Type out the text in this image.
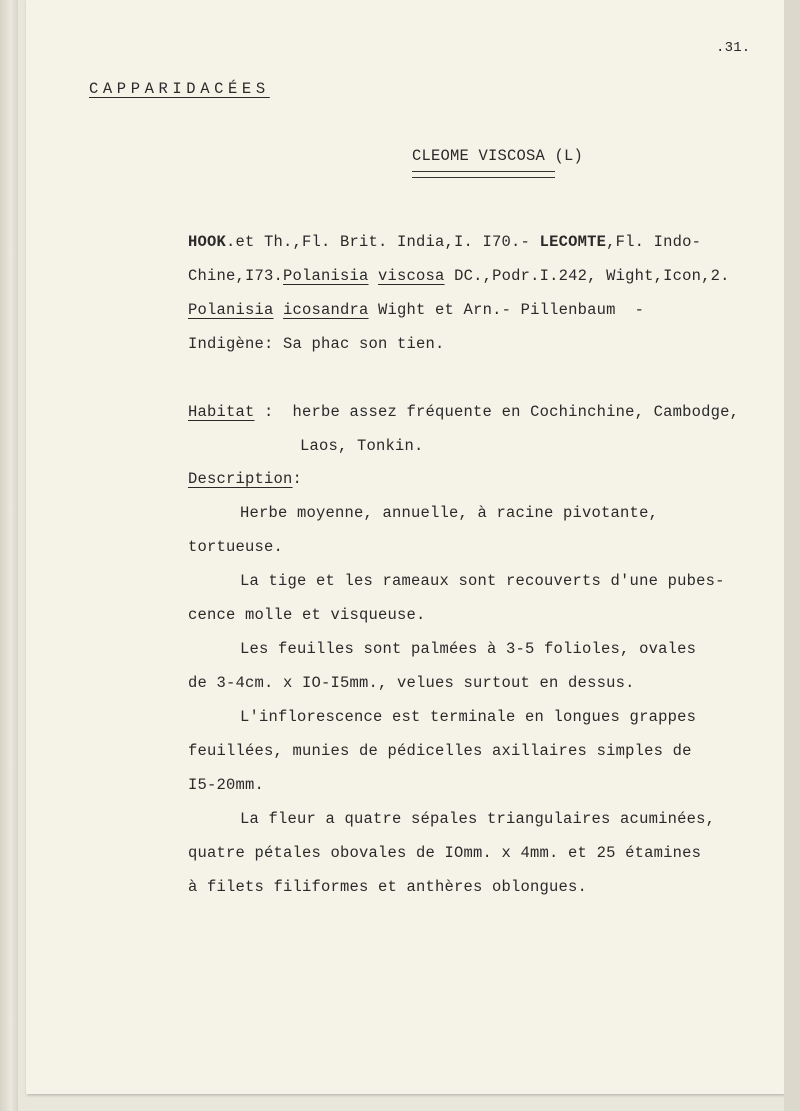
.31.
CAPPARIDACÉES
CLEOME VISCOSA (L)
HOOK.et Th.,Fl. Brit. India,I. I70.- LECOMTE,Fl. Indo-
Chine,I73.Polanisia viscosa DC.,Podr.I.242, Wight,Icon,2.
Polanisia icosandra Wight et Arn.- Pillenbaum  -
Indigène: Sa phac son tien.
Habitat :  herbe assez fréquente en Cochinchine, Cambodge,
Laos, Tonkin.
Description:
Herbe moyenne, annuelle, à racine pivotante,
tortueuse.
La tige et les rameaux sont recouverts d'une pubes-
cence molle et visqueuse.
Les feuilles sont palmées à 3-5 folioles, ovales
de 3-4cm. x IO-I5mm., velues surtout en dessus.
L'inflorescence est terminale en longues grappes
feuillées, munies de pédicelles axillaires simples de
I5-20mm.
La fleur a quatre sépales triangulaires acuminées,
quatre pétales obovales de IOmm. x 4mm. et 25 étamines
à filets filiformes et anthères oblongues.
